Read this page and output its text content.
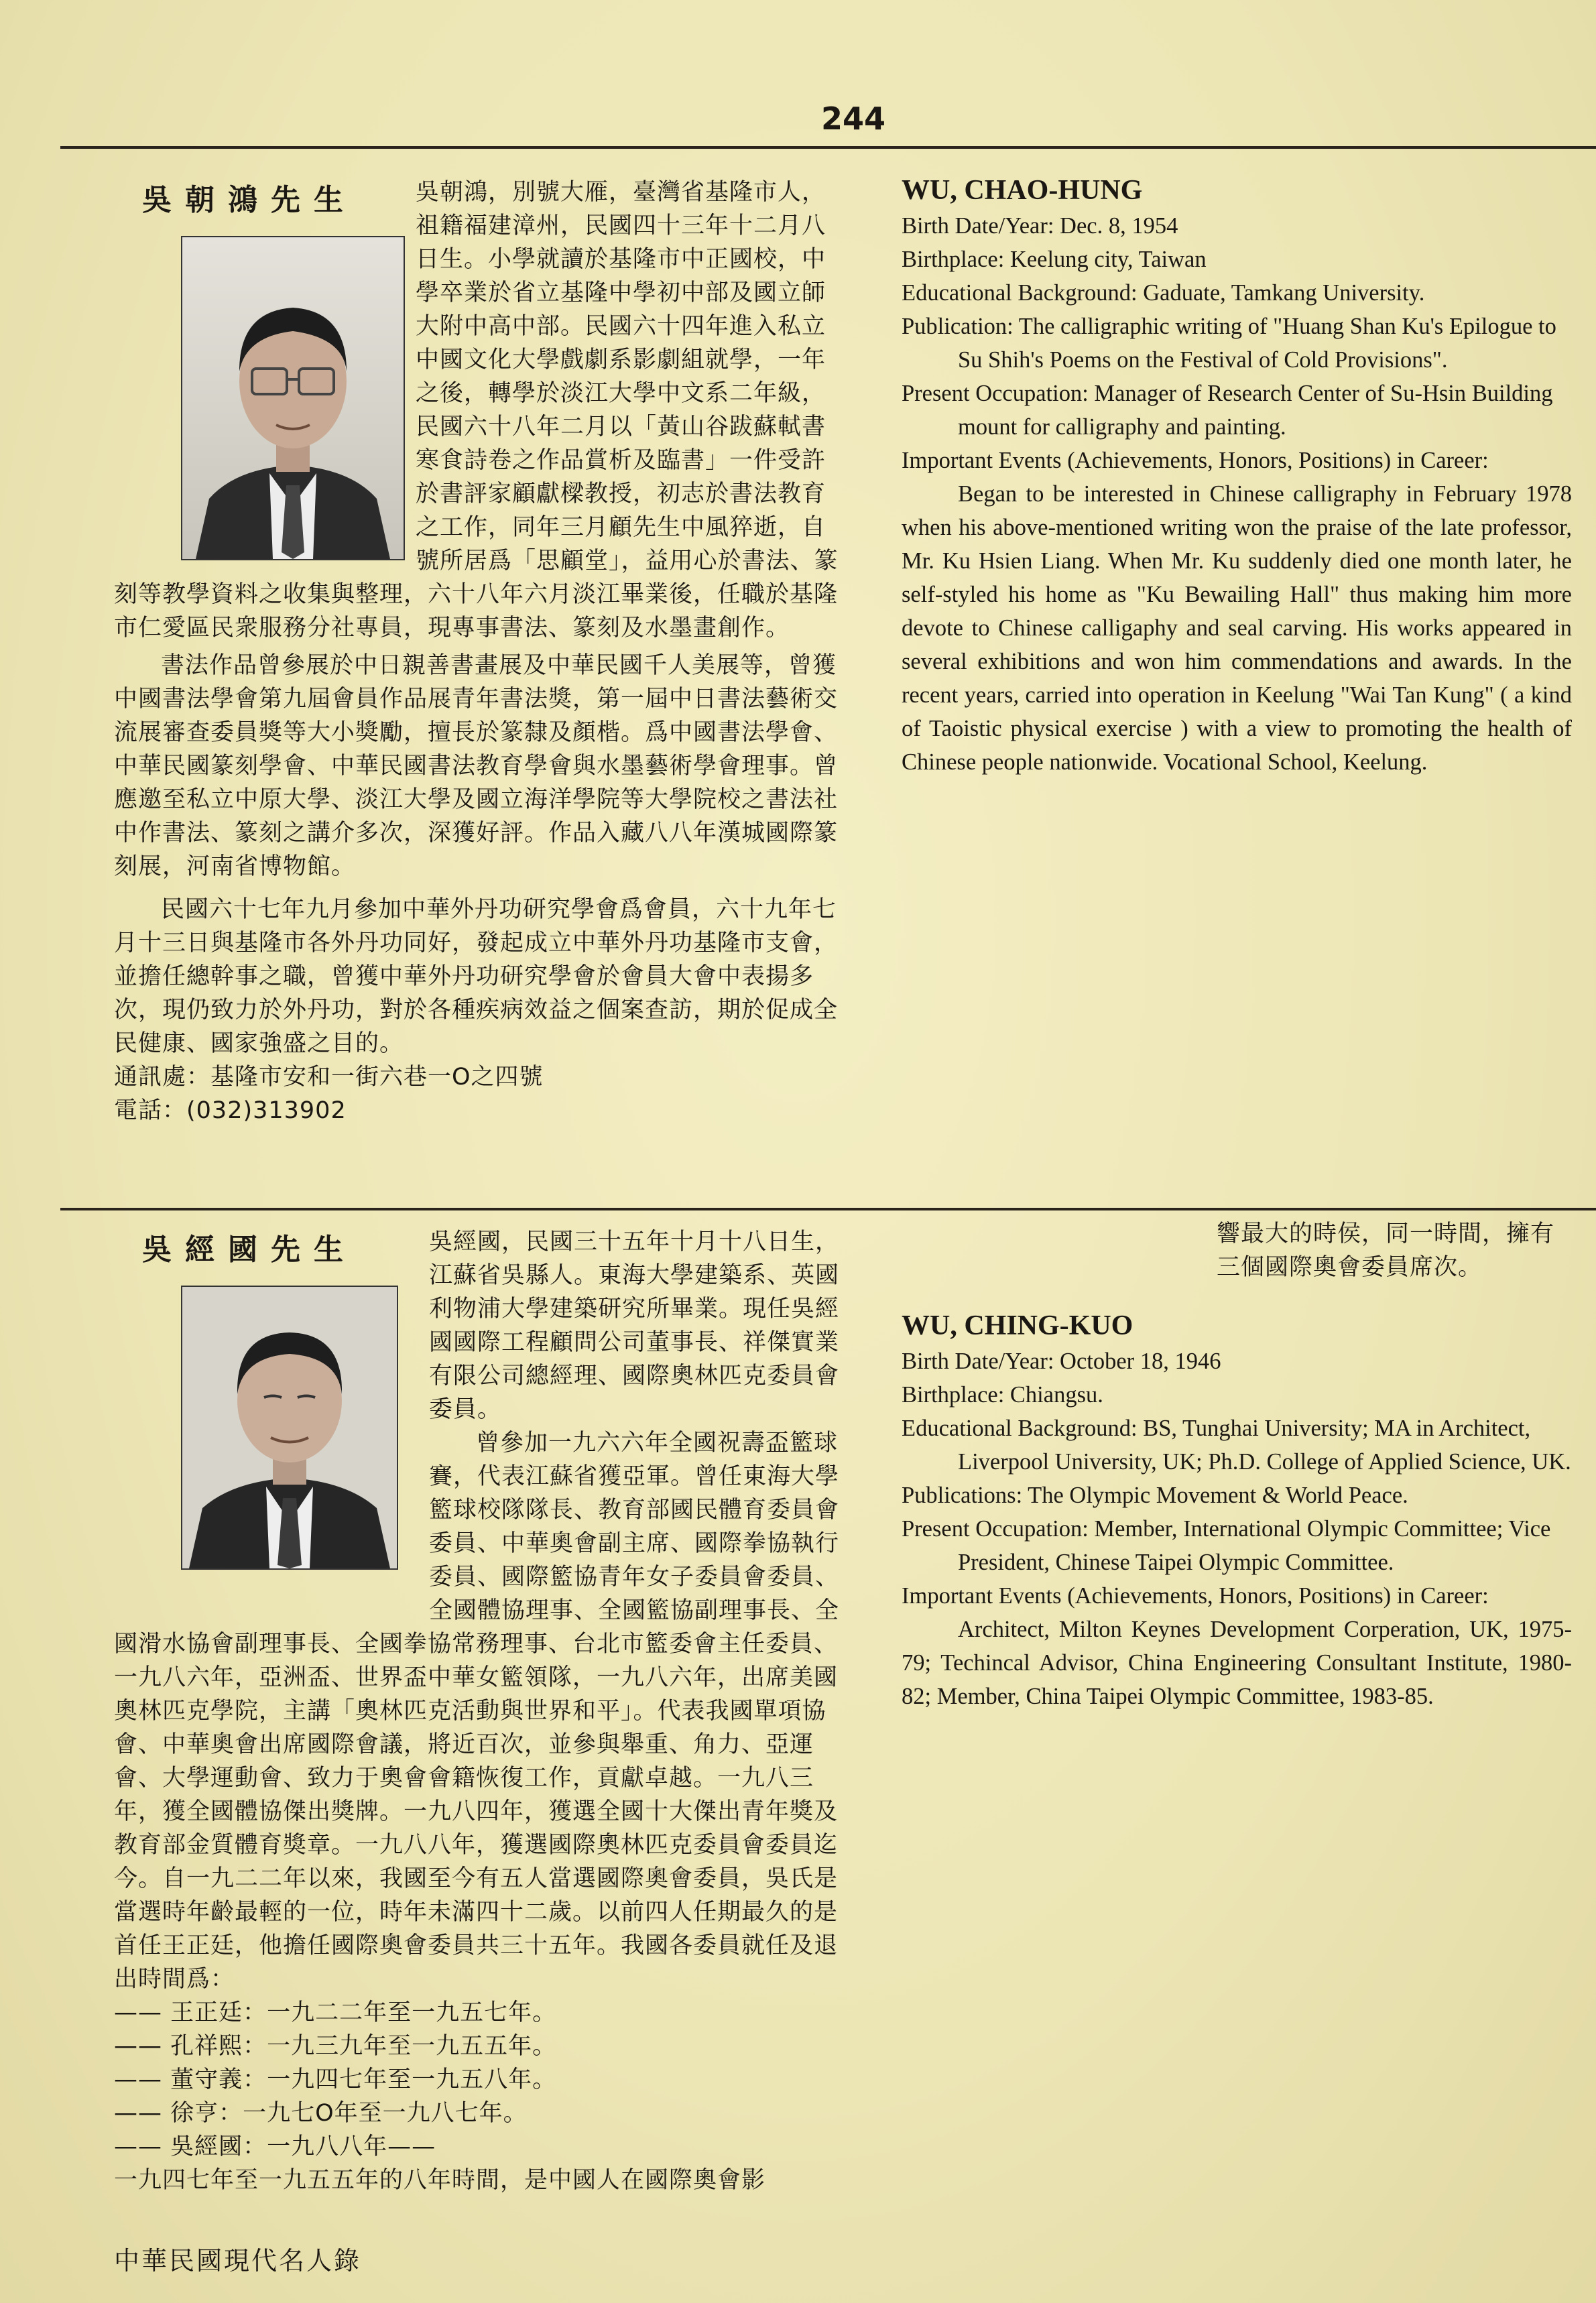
244
吳朝鴻先生	吳朝鴻，別號大雁，臺灣省基隆市人，祖籍福建漳州，民國四十三年十二月八日生。小學就讀於基隆市中正國校，中學卒業於省立基隆中學初中部及國立師大附中高中部。民國六十四年進入私立中國文化大學戲劇系影劇組就學，一年之後，轉學於淡江大學中文系二年級，民國六十八年二月以「黃山谷跋蘇軾書寒食詩卷之作品賞析及臨書」一件受許於書評家顧獻樑教授，初志於書法教育之工作，同年三月顧先生中風猝逝，自號所居爲「思顧堂」，益用心於書法、篆刻等教學資料之收集與整理，六十八年六月淡江畢業後，任職於基隆市仁愛區民衆服務分社專員，現專事書法、篆刻及水墨畫創作。

書法作品曾參展於中日親善書畫展及中華民國千人美展等，曾獲中國書法學會第九屆會員作品展青年書法獎，第一屆中日書法藝術交流展審查委員獎等大小獎勵，擅長於篆隸及顏楷。爲中國書法學會、中華民國篆刻學會、中華民國書法教育學會與水墨藝術學會理事。曾應邀至私立中原大學、淡江大學及國立海洋學院等大學院校之書法社中作書法、篆刻之講介多次，深獲好評。作品入藏八八年漢城國際篆刻展，河南省博物館。

民國六十七年九月參加中華外丹功研究學會爲會員，六十九年七月十三日與基隆市各外丹功同好，發起成立中華外丹功基隆市支會，並擔任總幹事之職，曾獲中華外丹功研究學會於會員大會中表揚多次，現仍致力於外丹功，對於各種疾病效益之個案查訪，期於促成全民健康、國家強盛之目的。

通訊處：基隆市安和一街六巷一O之四號

電話：(032)313902

WU, CHAO-HUNG

Birth Date/Year: Dec. 8, 1954

Birthplace: Keelung city, Taiwan

Educational Background: Gaduate, Tamkang University.

Publication: The calligraphic writing of "Huang Shan Ku's Epilogue to Su Shih's Poems on the Festival of Cold Provisions".

Present Occupation: Manager of Research Center of Su-Hsin Building mount for calligraphy and painting.

Important Events (Achievements, Honors, Positions) in Career:

Began to be interested in Chinese calligraphy in February 1978 when his above-mentioned writing won the praise of the late professor, Mr. Ku Hsien Liang. When Mr. Ku suddenly died one month later, he self-styled his home as "Ku Bewailing Hall" thus making him more devote to Chinese calligaphy and seal carving. His works appeared in several exhibitions and won him commendations and awards. In the recent years, carried into operation in Keelung "Wai Tan Kung" ( a kind of Taoistic physical exercise ) with a view to promoting the health of Chinese people nationwide. Vocational School, Keelung.

吳經國先生	吳經國，民國三十五年十月十八日生，江蘇省吳縣人。東海大學建築系、英國利物浦大學建築研究所畢業。現任吳經國國際工程顧問公司董事長、祥傑實業有限公司總經理、國際奧林匹克委員會委員。

曾參加一九六六年全國祝壽盃籃球賽，代表江蘇省獲亞軍。曾任東海大學籃球校隊隊長、教育部國民體育委員會委員、中華奧會副主席、國際拳協執行委員、國際籃協青年女子委員會委員、全國體協理事、全國籃協副理事長、全國滑水協會副理事長、全國拳協常務理事、台北市籃委會主任委員、一九八六年，亞洲盃、世界盃中華女籃領隊，一九八六年，出席美國奧林匹克學院，主講「奧林匹克活動與世界和平」。代表我國單項協會、中華奧會出席國際會議，將近百次，並參與舉重、角力、亞運會、大學運動會、致力于奧會會籍恢復工作，貢獻卓越。一九八三年，獲全國體協傑出獎牌。一九八四年，獲選全國十大傑出青年獎及教育部金質體育獎章。一九八八年，獲選國際奧林匹克委員會委員迄今。自一九二二年以來，我國至今有五人當選國際奧會委員，吳氏是當選時年齡最輕的一位，時年未滿四十二歲。以前四人任期最久的是首任王正廷，他擔任國際奧會委員共三十五年。我國各委員就任及退出時間爲：

—— 王正廷：一九二二年至一九五七年。

—— 孔祥熙：一九三九年至一九五五年。

—— 董守義：一九四七年至一九五八年。

—— 徐亨：一九七O年至一九八七年。

—— 吳經國：一九八八年——

一九四七年至一九五五年的八年時間，是中國人在國際奧會影

響最大的時侯，同一時間，擁有三個國際奧會委員席次。

WU, CHING-KUO

Birth Date/Year: October 18, 1946

Birthplace: Chiangsu.

Educational Background: BS, Tunghai University; MA in Architect, Liverpool University, UK; Ph.D. College of Applied Science, UK.

Publications: The Olympic Movement & World Peace.

Present Occupation: Member, International Olympic Committee; Vice President, Chinese Taipei Olympic Committee.

Important Events (Achievements, Honors, Positions) in Career:

Architect, Milton Keynes Development Corperation, UK, 1975-79; Techincal Advisor, China Engineering Consultant Institute, 1980-82; Member, China Taipei Olympic Committee, 1983-85.

中華民國現代名人錄
